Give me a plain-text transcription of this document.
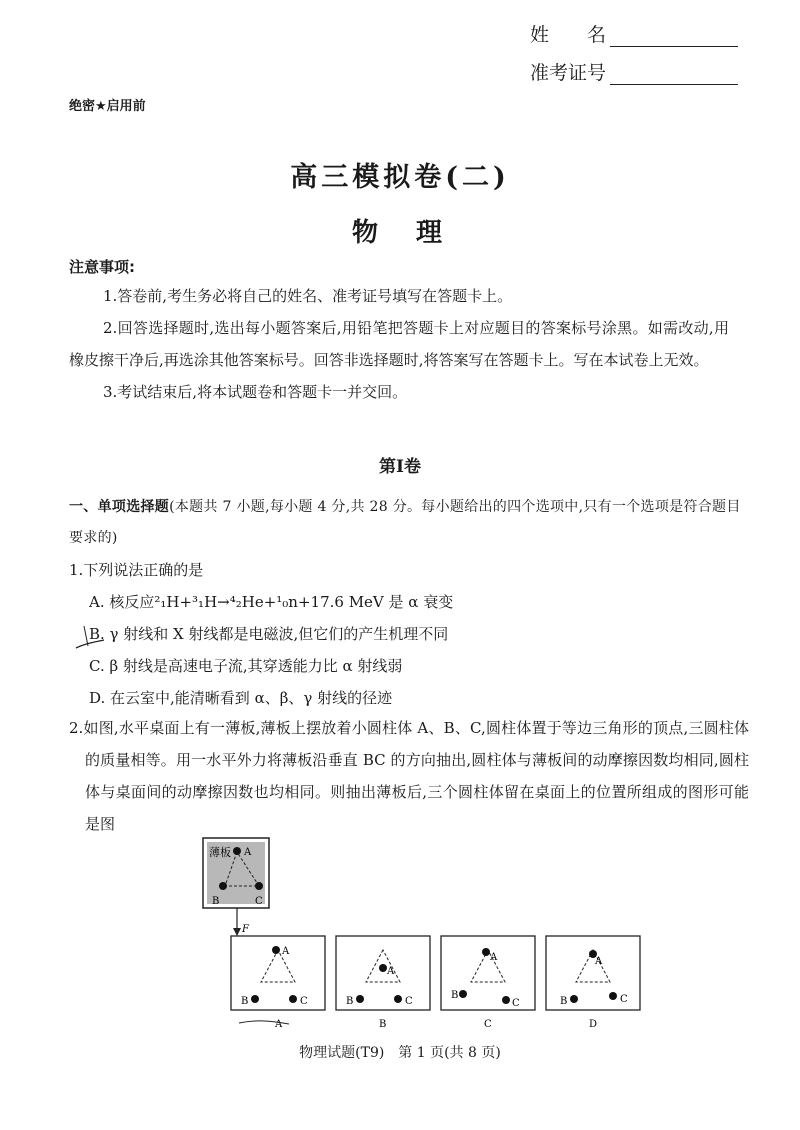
姓　　名
准考证号
绝密★启用前
高三模拟卷(二)
物　理
注意事项:
1.答卷前,考生务必将自己的姓名、准考证号填写在答题卡上。
2.回答选择题时,选出每小题答案后,用铅笔把答题卡上对应题目的答案标号涂黑。如需改动,用橡皮擦干净后,再选涂其他答案标号。回答非选择题时,将答案写在答题卡上。写在本试卷上无效。
3.考试结束后,将本试题卷和答题卡一并交回。
第Ⅰ卷
一、单项选择题(本题共 7 小题,每小题 4 分,共 28 分。每小题给出的四个选项中,只有一个选项是符合题目要求的)
1.下列说法正确的是
A. 核反应²₁H+³₁H→⁴₂He+¹₀n+17.6 MeV 是 α 衰变
B. γ 射线和 X 射线都是电磁波,但它们的产生机理不同
C. β 射线是高速电子流,其穿透能力比 α 射线弱
D. 在云室中,能清晰看到 α、β、γ 射线的径迹
2.如图,水平桌面上有一薄板,薄板上摆放着小圆柱体 A、B、C,圆柱体置于等边三角形的顶点,三圆柱体的质量相等。用一水平外力将薄板沿垂直 BC 的方向抽出,圆柱体与薄板间的动摩擦因数均相同,圆柱体与桌面间的动摩擦因数也均相同。则抽出薄板后,三个圆柱体留在桌面上的位置所组成的图形可能是图
薄板 A
B	C
F
A
B	C
A
B	C
A
B
C
A
B	C
A	B	C	D
物理试题(T9)　第 1 页(共 8 页)
